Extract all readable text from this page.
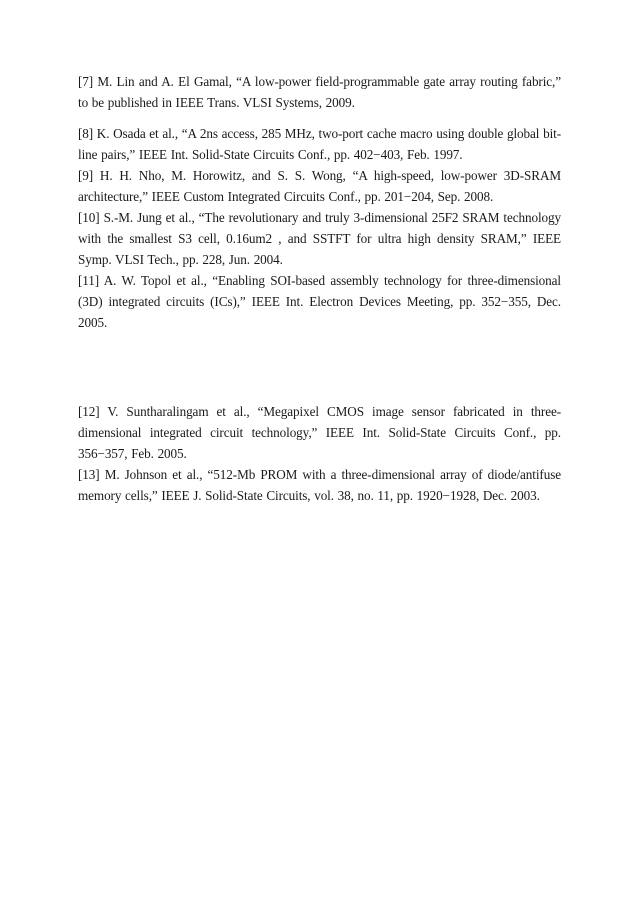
[7] M. Lin and A. El Gamal, “A low-power field-programmable gate array routing fabric,” to be published in IEEE Trans. VLSI Systems, 2009.
[8] K. Osada et al., “A 2ns access, 285 MHz, two-port cache macro using double global bit-line pairs,” IEEE Int. Solid-State Circuits Conf., pp. 402−403, Feb. 1997.
[9] H. H. Nho, M. Horowitz, and S. S. Wong, “A high-speed, low-power 3D-SRAM architecture,” IEEE Custom Integrated Circuits Conf., pp. 201−204, Sep. 2008.
[10] S.-M. Jung et al., “The revolutionary and truly 3-dimensional 25F2 SRAM technology with the smallest S3 cell, 0.16um2 , and SSTFT for ultra high density SRAM,” IEEE Symp. VLSI Tech., pp. 228, Jun. 2004.
[11] A. W. Topol et al., “Enabling SOI-based assembly technology for three-dimensional (3D) integrated circuits (ICs),” IEEE Int. Electron Devices Meeting, pp. 352−355, Dec. 2005.
[12] V. Suntharalingam et al., “Megapixel CMOS image sensor fabricated in three-dimensional integrated circuit technology,” IEEE Int. Solid-State Circuits Conf., pp. 356−357, Feb. 2005.
[13] M. Johnson et al., “512-Mb PROM with a three-dimensional array of diode/antifuse memory cells,” IEEE J. Solid-State Circuits, vol. 38, no. 11, pp. 1920−1928, Dec. 2003.
